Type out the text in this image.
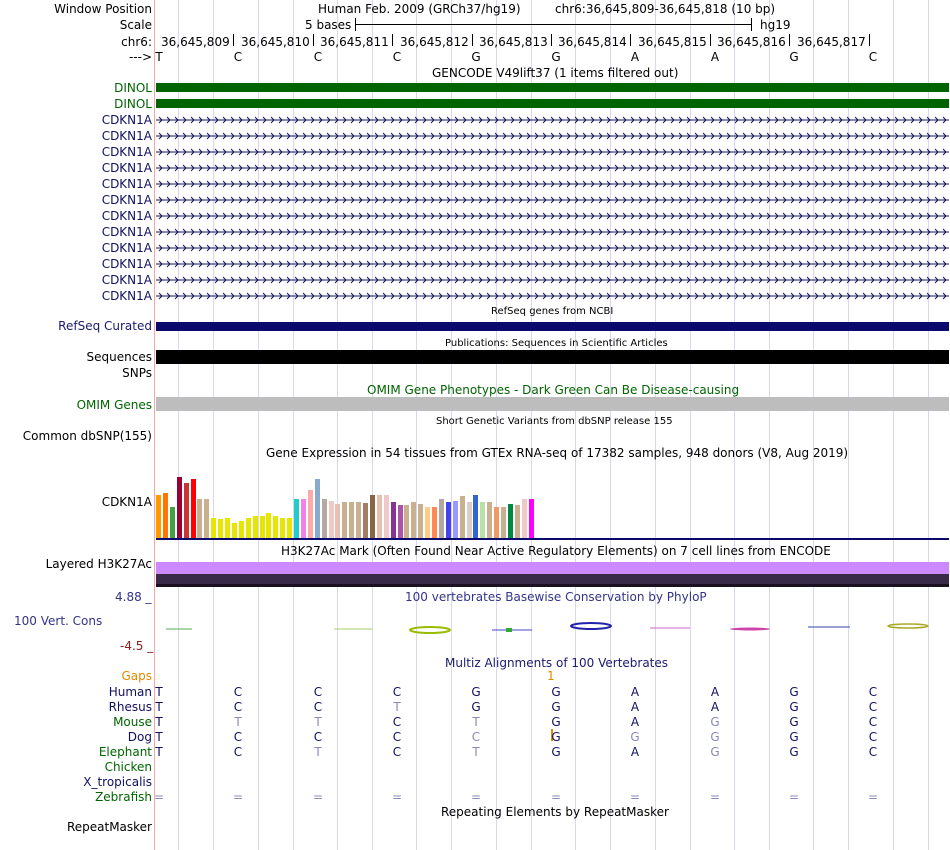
Window Position	Human Feb. 2009 (GRCh37/hg19)	chr6:36,645,809-36,645,818 (10 bp)
Scale	5 bases	hg19
chr6: 36,645,809 36,645,810 36,645,811 36,645,812 36,645,813 36,645,814 36,645,815 36,645,816 36,645,817
---> T	C	C	C	G	G	A	A	G	C
GENCODE V49lift37 (1 items filtered out)
DINOL
DINOL
CDKN1A
CDKN1A
CDKN1A
CDKN1A
CDKN1A
CDKN1A
CDKN1A
CDKN1A
CDKN1A
CDKN1A
CDKN1A
CDKN1A
RefSeq genes from NCBI
RefSeq Curated
Publications: Sequences in Scientific Articles
Sequences
SNPs
OMIM Gene Phenotypes - Dark Green Can Be Disease-causing
OMIM Genes
Short Genetic Variants from dbSNP release 155
Common dbSNP(155)
Gene Expression in 54 tissues from GTEx RNA-seq of 17382 samples, 948 donors (V8, Aug 2019)
CDKN1A
H3K27Ac Mark (Often Found Near Active Regulatory Elements) on 7 cell lines from ENCODE
Layered H3K27Ac
4.88 _	100 vertebrates Basewise Conservation by PhyloP
100 Vert. Cons
-4.5 _
Multiz Alignments of 100 Vertebrates
Gaps	1
Human T	C	C	C	G	G	A	A	G	C
Rhesus T	C	C	T	G	G	A	A	G	C
Mouse T	T	T	C	T	G	A	G	G	C
Dog T	C	C	C	C	G	G	G	G	C
Elephant T	C	T	C	T	G	A	G	G	C
Chicken
X_tropicalis
Zebrafish =	=	=	=	=	=	=	=	=	=
Repeating Elements by RepeatMasker
RepeatMasker
